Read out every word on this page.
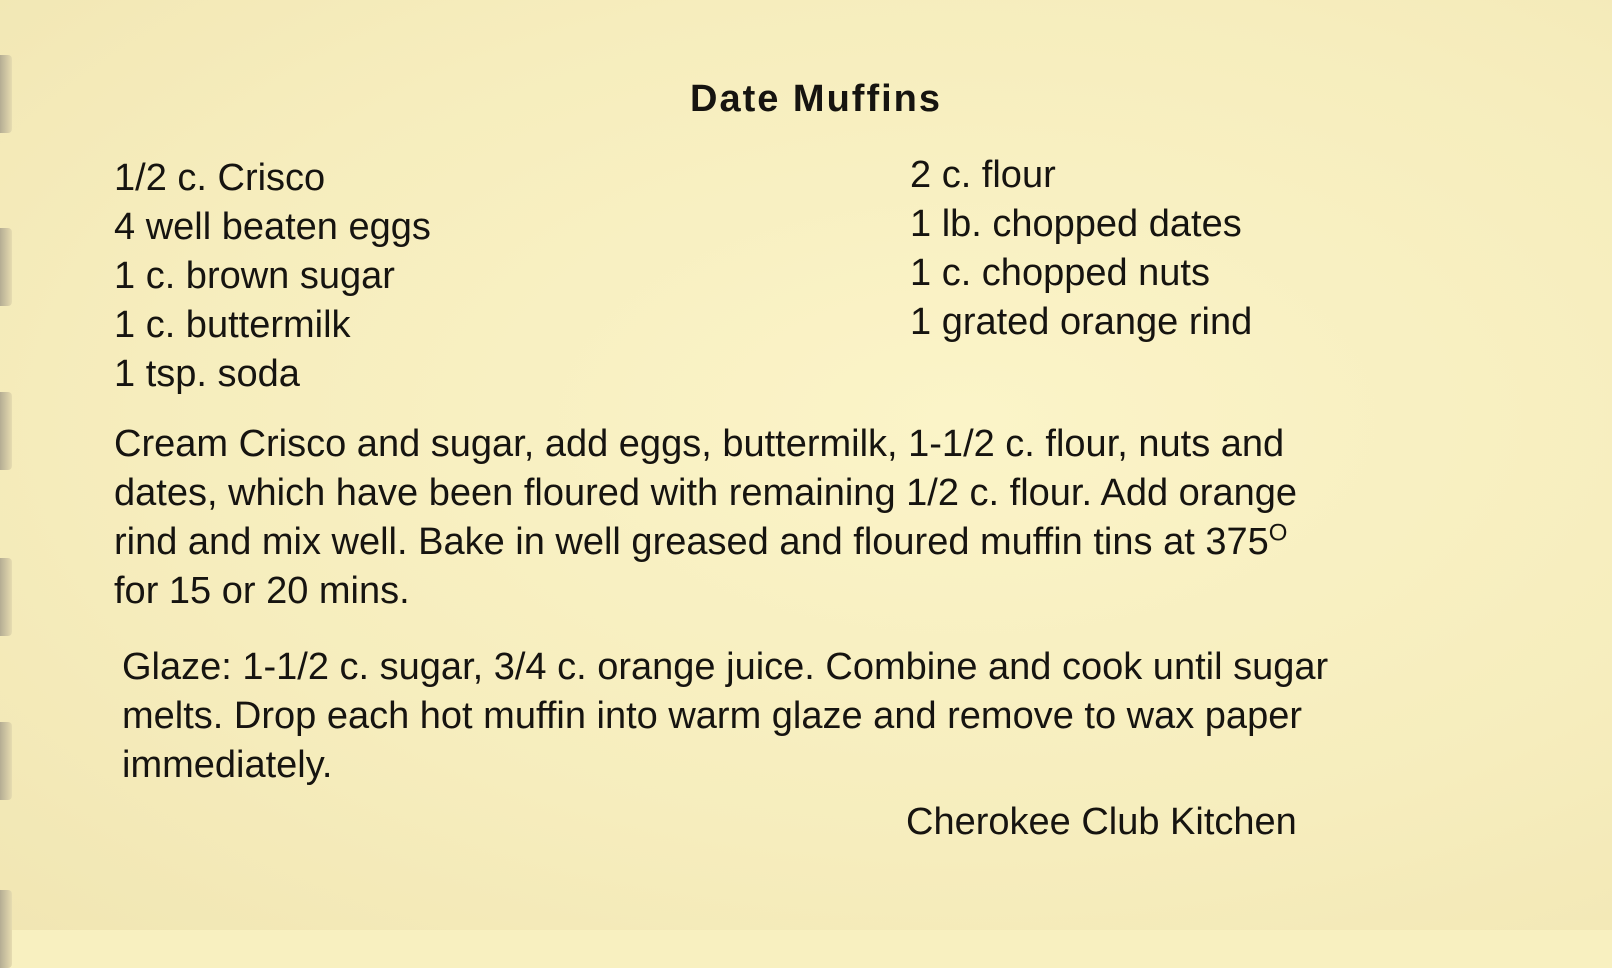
Date Muffins
1/2 c. Crisco
4 well beaten eggs
1 c. brown sugar
1 c. buttermilk
1 tsp. soda
2 c. flour
1 lb. chopped dates
1 c. chopped nuts
1 grated orange rind
Cream Crisco and sugar, add eggs, buttermilk, 1-1/2 c. flour, nuts and
dates, which have been floured with remaining 1/2 c. flour. Add orange
rind and mix well. Bake in well greased and floured muffin tins at $375^O$
for 15 or 20 mins.
Glaze: 1-1/2 c. sugar, 3/4 c. orange juice. Combine and cook until sugar
melts. Drop each hot muffin into warm glaze and remove to wax paper
immediately.
Cherokee Club Kitchen
